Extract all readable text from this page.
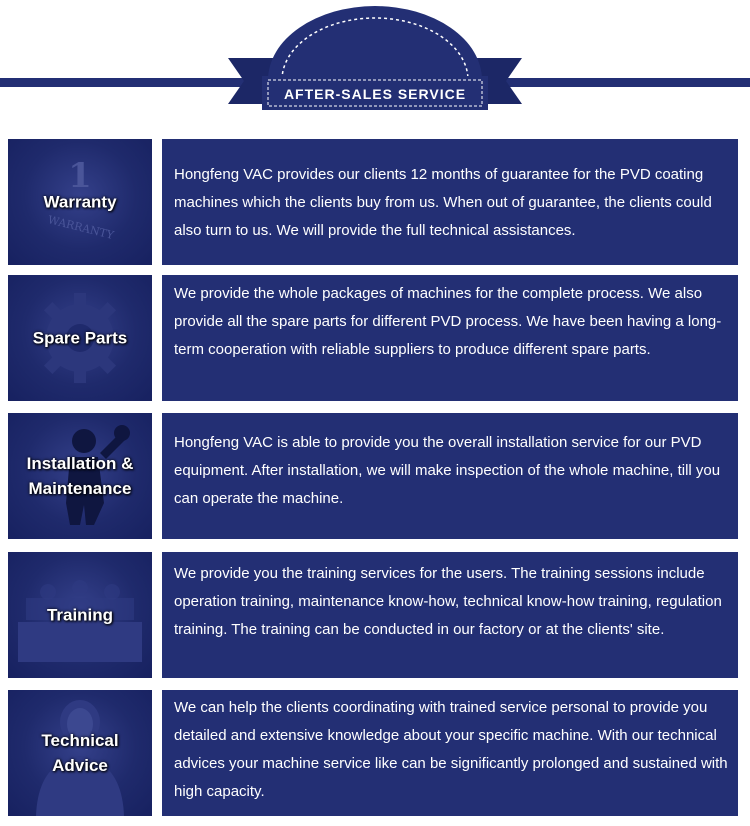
AFTER-SALES SERVICE
1
WARRANTY
Warranty
Hongfeng VAC provides our clients 12 months of guarantee for the PVD coating machines which the clients buy from us. When out of guarantee, the clients could also turn to us. We will provide the full technical assistances.
Spare Parts
We provide the whole packages of machines for the complete process. We also provide all the spare parts for different PVD process. We have been having a long-term cooperation with reliable suppliers to produce different spare parts.
Installation &
Maintenance
Hongfeng VAC is able to provide you the overall installation service for our PVD equipment. After installation, we will make inspection of the whole machine, till you can operate the machine.
Training
We provide you the training services for the users. The training sessions include operation training, maintenance know-how, technical know-how training, regulation training. The training can be conducted in our factory or at the clients' site.
Technical
Advice
We can help the clients coordinating with trained service personal to provide you detailed and extensive knowledge about your specific machine. With our technical advices your machine service like can be significantly prolonged and sustained with high capacity.
